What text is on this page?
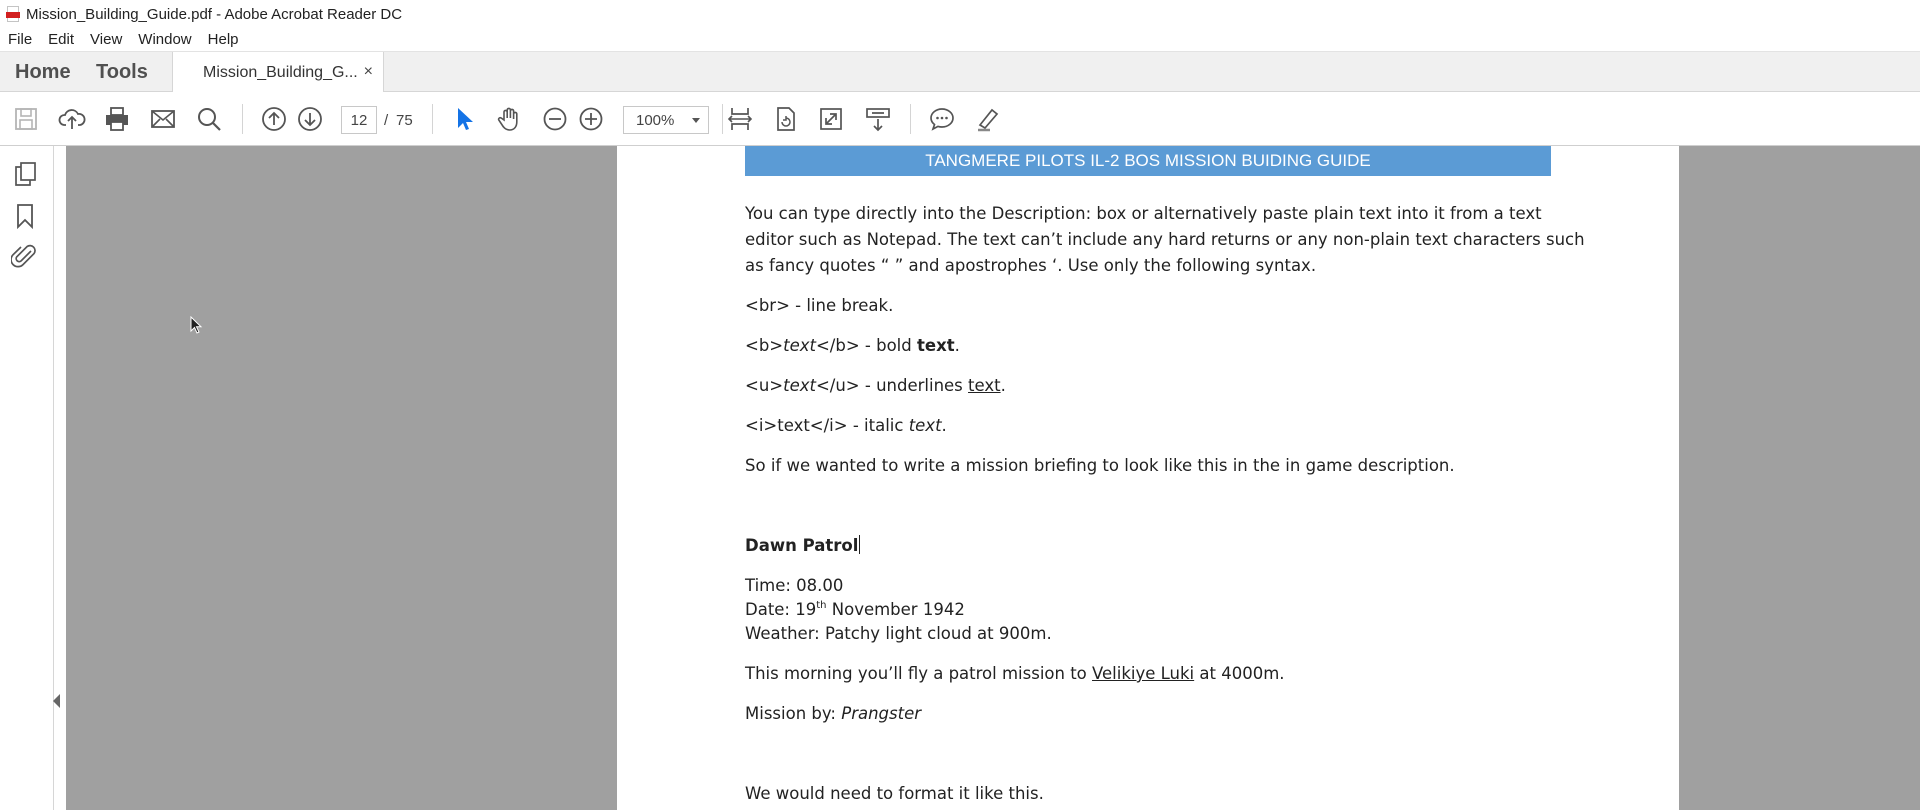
Mission_Building_Guide.pdf - Adobe Acrobat Reader DC
File	Edit	View	Window	Help
Home Tools	Mission_Building_G... ×
12	/ 75	100%
TANGMERE PILOTS IL-2 BOS MISSION BUIDING GUIDE
You can type directly into the Description: box or alternatively paste plain text into it from a text
editor such as Notepad. The text can’t include any hard returns or any non-plain text characters such
as fancy quotes “ ” and apostrophes ‘. Use only the following syntax.
<br> - line break.
<b>text</b> - bold text.
<u>text</u> - underlines text.
<i>text</i> - italic text.
So if we wanted to write a mission briefing to look like this in the in game description.
Dawn Patrol
Time: 08.00
Date: 19th November 1942
Weather: Patchy light cloud at 900m.
This morning you’ll fly a patrol mission to Velikiye Luki at 4000m.
Mission by: Prangster
We would need to format it like this.
